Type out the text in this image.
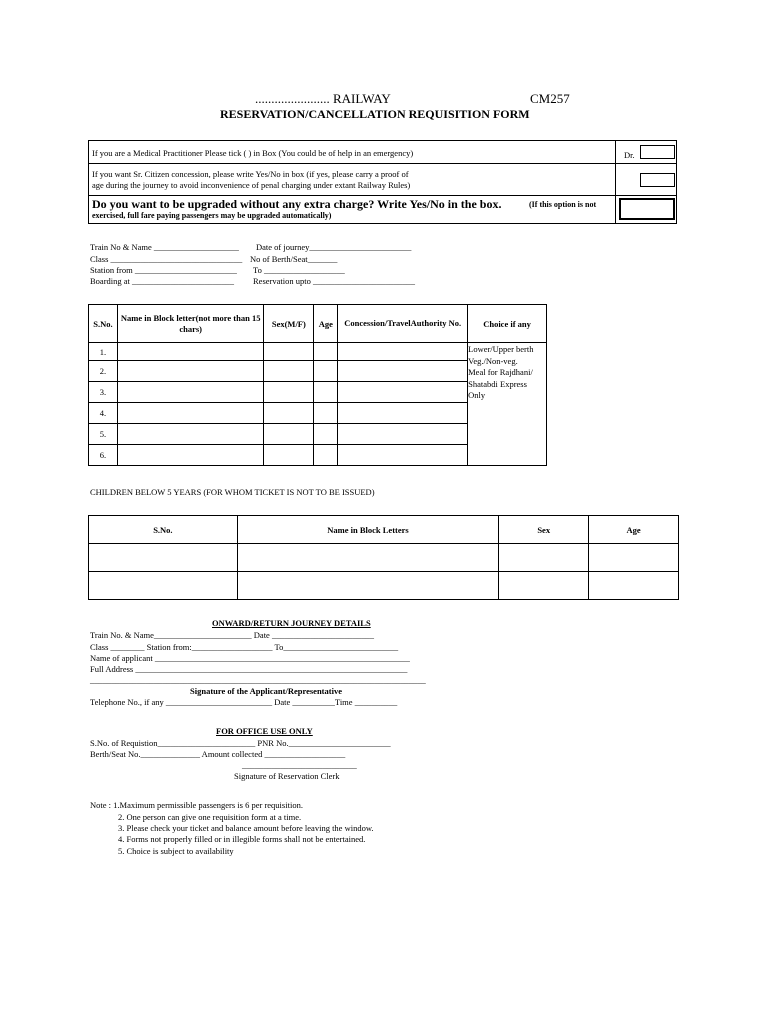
....................... RAILWAY	CM257
RESERVATION/CANCELLATION REQUISITION FORM
If you are a Medical Practitioner Please tick ( ) in Box (You could be of help in an emergency)	Dr.
If you want Sr. Citizen concession, please write Yes/No in box (if yes, please carry a proof of
age during the journey to avoid inconvenience of penal charging under extant Railway Rules)
Do you want to be upgraded without any extra charge? Write Yes/No in the box.	(If this option is not
exercised, full fare paying passengers may be upgraded automatically)
Train No & Name ____________________ Date of journey________________________
Class _______________________________ No of Berth/Seat_______
Station from ________________________ To ___________________
Boarding at ________________________ Reservation upto ________________________
S.No.	Name in Block letter(not more than 15 chars)	Sex(M/F)	Age	Concession/TravelAuthority No.	Choice if any
1.					Lower/Upper berth
Veg./Non-veg.
Meal for Rajdhani/
Shatabdi Express
Only

2.					
3.					
4.					
5.					
6.					
CHILDREN BELOW 5 YEARS (FOR WHOM TICKET IS NOT TO BE ISSUED)
S.No.	Name in Block Letters	Sex	Age

ONWARD/RETURN JOURNEY DETAILS
Train No. & Name_______________________ Date ________________________
Class ________ Station from:___________________ To___________________________
Name of applicant ____________________________________________________________
Full Address ________________________________________________________________
_______________________________________________________________________________
Signature of the Applicant/Representative
Telephone No., if any _________________________ Date __________Time __________
FOR OFFICE USE ONLY
S.No. of Requistion_______________________ PNR No.________________________
Berth/Seat No.______________ Amount collected ___________________
___________________________
Signature of Reservation Clerk
Note : 1.Maximum permissible passengers is 6 per requisition.
2. One person can give one requisition form at a time.
3. Please check your ticket and balance amount before leaving the window.
4. Forms not properly filled or in illegible forms shall not be entertained.
5. Choice is subject to availability
